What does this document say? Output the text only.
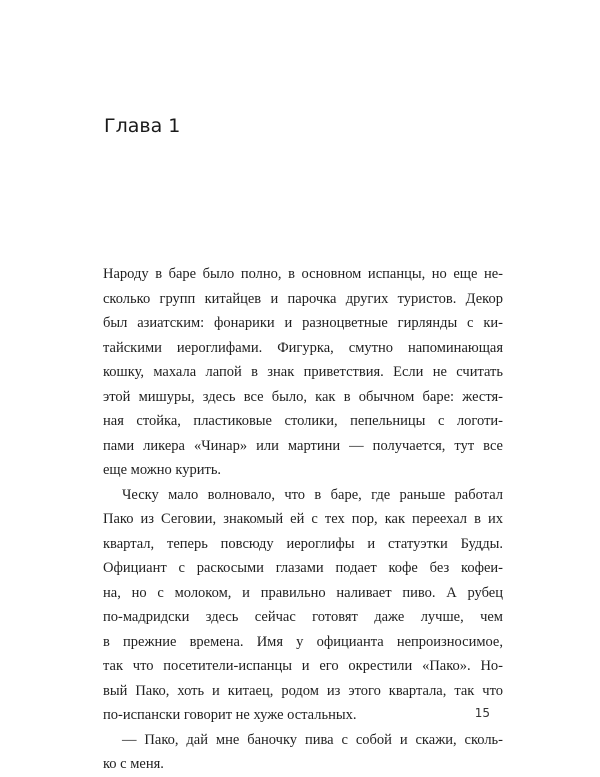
Глава 1
Народу в баре было полно, в основном испанцы, но еще не-
сколько групп китайцев и парочка других туристов. Декор
был азиатским: фонарики и разноцветные гирлянды с ки-
тайскими иероглифами. Фигурка, смутно напоминающая
кошку, махала лапой в знак приветствия. Если не считать
этой мишуры, здесь все было, как в обычном баре: жестя-
ная стойка, пластиковые столики, пепельницы с логоти-
пами ликера «Чинар» или мартини — получается, тут все
еще можно курить.
Ческу мало волновало, что в баре, где раньше работал
Пако из Сеговии, знакомый ей с тех пор, как переехал в их
квартал, теперь повсюду иероглифы и статуэтки Будды.
Официант с раскосыми глазами подает кофе без кофеи-
на, но с молоком, и правильно наливает пиво. А рубец
по-мадридски здесь сейчас готовят даже лучше, чем
в прежние времена. Имя у официанта непроизносимое,
так что посетители-испанцы и его окрестили «Пако». Но-
вый Пако, хоть и китаец, родом из этого квартала, так что
по-испански говорит не хуже остальных.
— Пако, дай мне баночку пива с собой и скажи, сколь-
ко с меня.
15
